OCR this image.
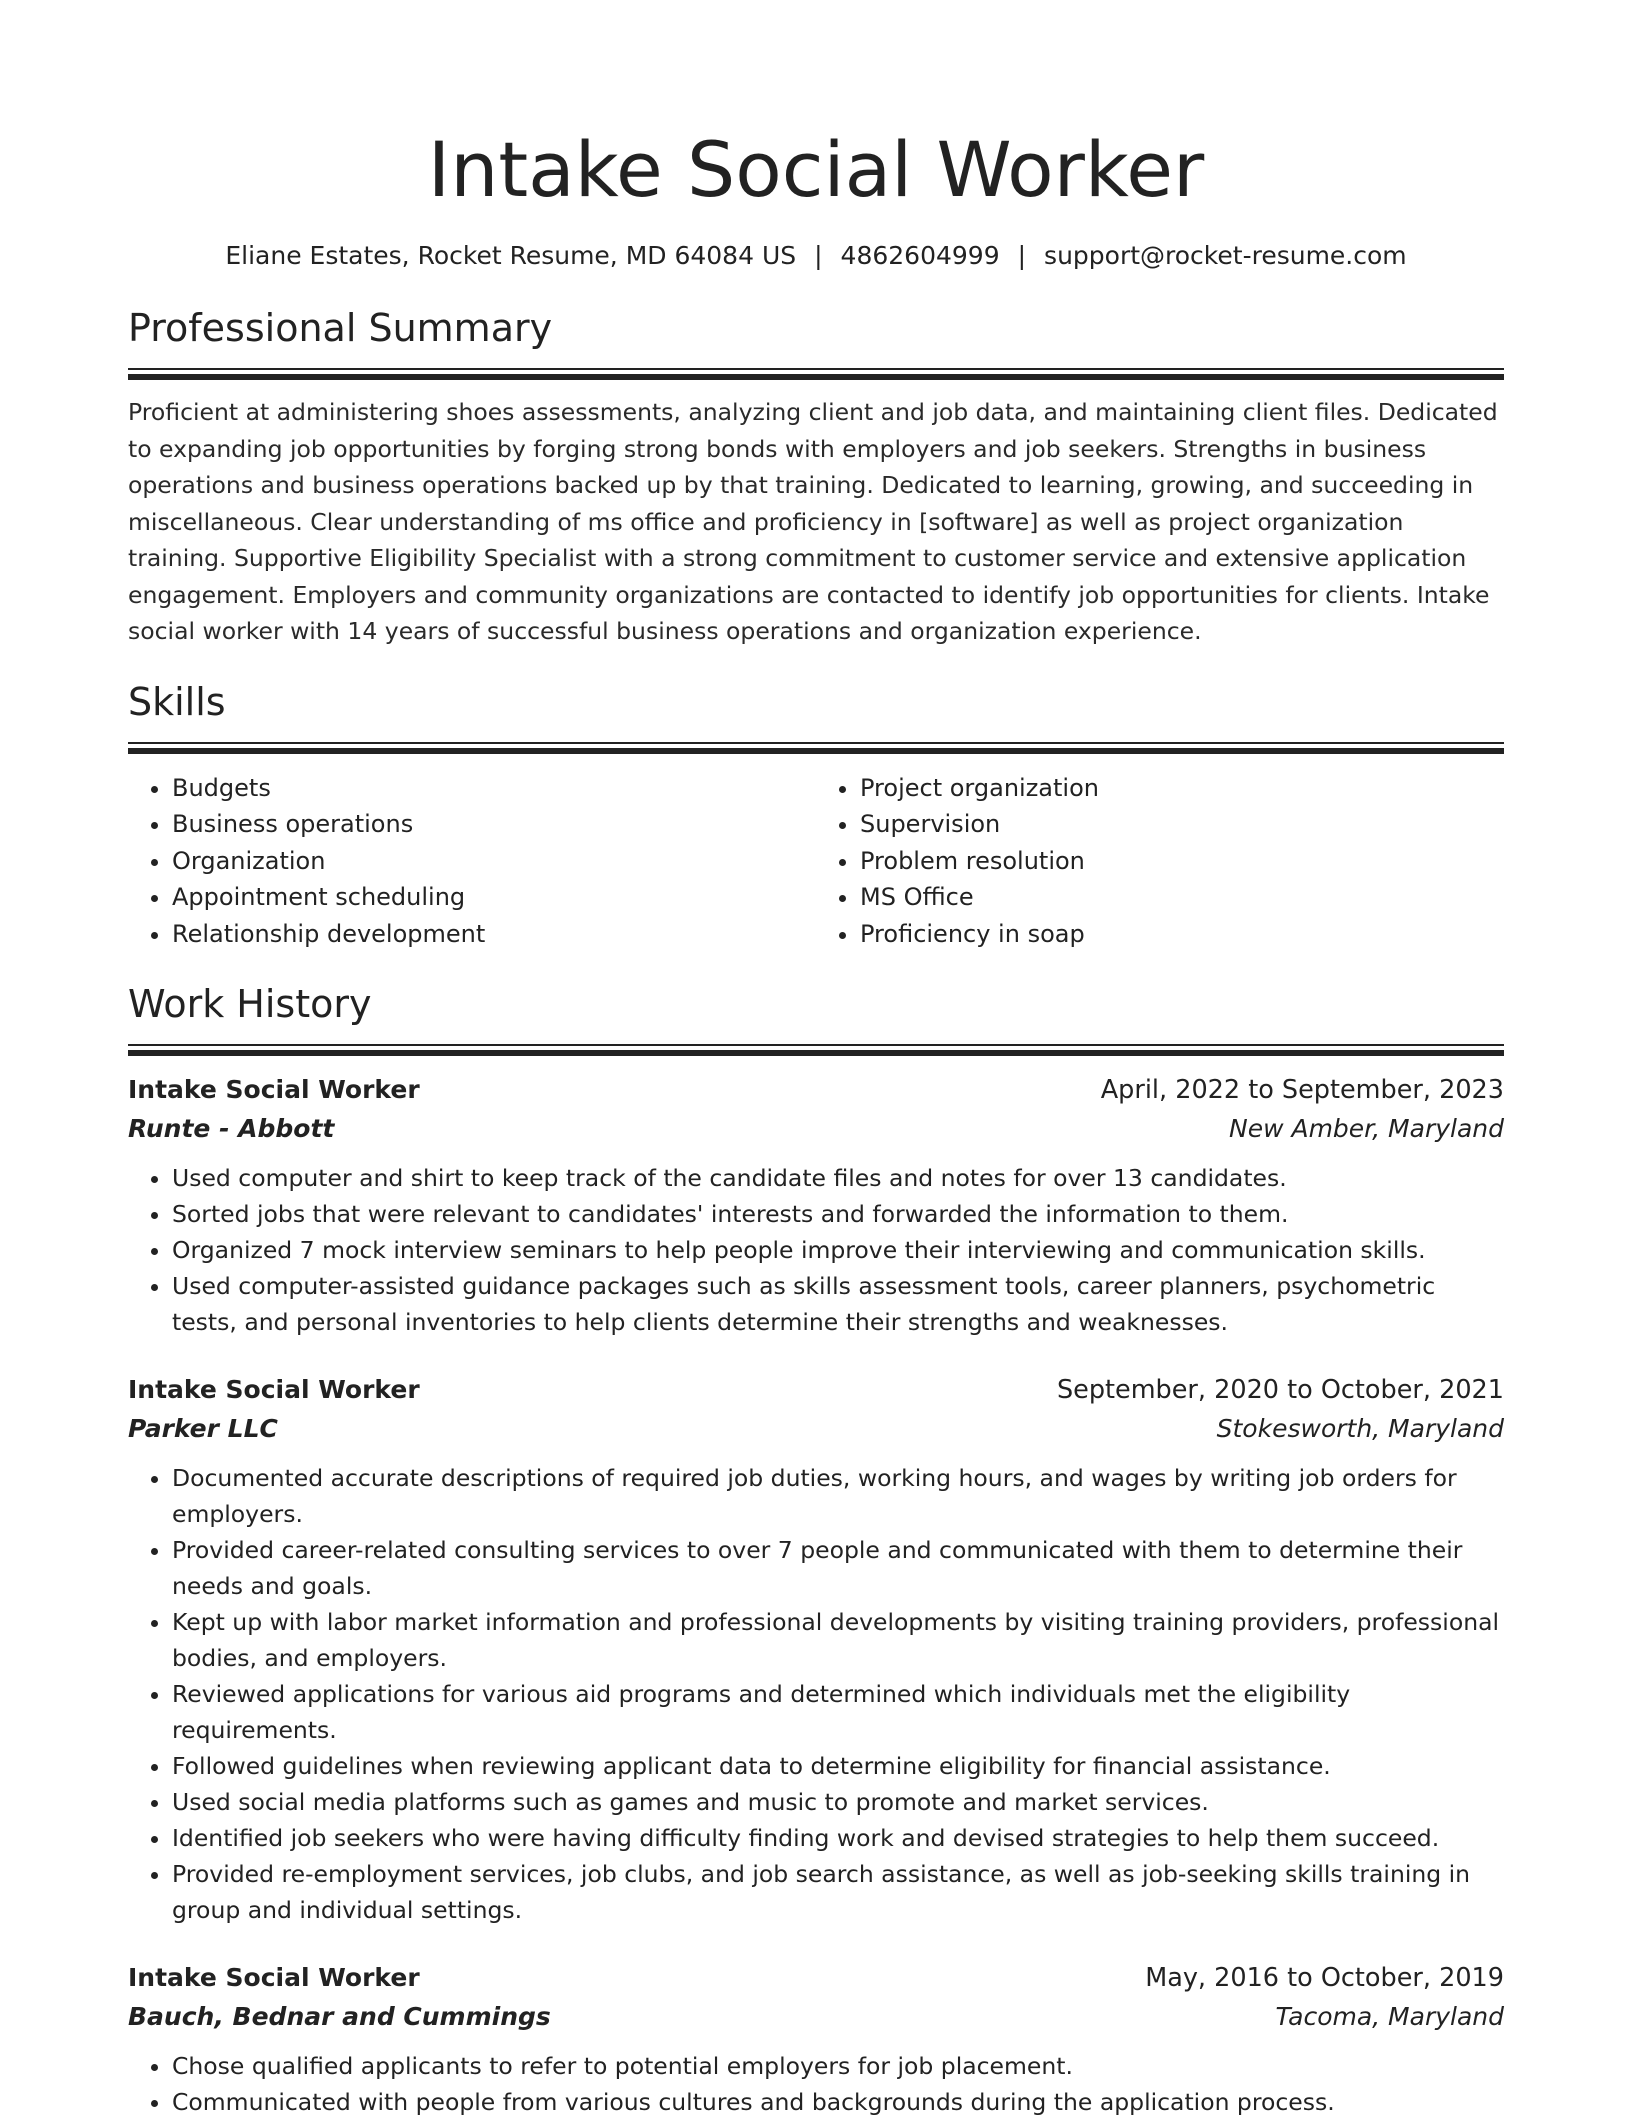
Intake Social Worker
Eliane Estates, Rocket Resume, MD 64084 US | 4862604999 | support@rocket-resume.com
Professional Summary

Proficient at administering shoes assessments, analyzing client and job data, and maintaining client files. Dedicated to expanding job opportunities by forging strong bonds with employers and job seekers. Strengths in business operations and business operations backed up by that training. Dedicated to learning, growing, and succeeding in miscellaneous. Clear understanding of ms office and proficiency in [software] as well as project organization training. Supportive Eligibility Specialist with a strong commitment to customer service and extensive application engagement. Employers and community organizations are contacted to identify job opportunities for clients. Intake social worker with 14 years of successful business operations and organization experience.

Skills
• Budgets
• Business operations
• Organization
• Appointment scheduling
• Relationship development
• Project organization
• Supervision
• Problem resolution
• MS Office
• Proficiency in soap
Work History
Intake Social Worker	April, 2022 to September, 2023
Runte - Abbott	New Amber, Maryland
• Used computer and shirt to keep track of the candidate files and notes for over 13 candidates.
• Sorted jobs that were relevant to candidates' interests and forwarded the information to them.
• Organized 7 mock interview seminars to help people improve their interviewing and communication skills.
• Used computer-assisted guidance packages such as skills assessment tools, career planners, psychometric tests, and personal inventories to help clients determine their strengths and weaknesses.
Intake Social Worker	September, 2020 to October, 2021
Parker LLC	Stokesworth, Maryland
• Documented accurate descriptions of required job duties, working hours, and wages by writing job orders for employers.
• Provided career-related consulting services to over 7 people and communicated with them to determine their needs and goals.
• Kept up with labor market information and professional developments by visiting training providers, professional bodies, and employers.
• Reviewed applications for various aid programs and determined which individuals met the eligibility requirements.
• Followed guidelines when reviewing applicant data to determine eligibility for financial assistance.
• Used social media platforms such as games and music to promote and market services.
• Identified job seekers who were having difficulty finding work and devised strategies to help them succeed.
• Provided re-employment services, job clubs, and job search assistance, as well as job-seeking skills training in group and individual settings.
Intake Social Worker	May, 2016 to October, 2019
Bauch, Bednar and Cummings	Tacoma, Maryland
• Chose qualified applicants to refer to potential employers for job placement.
• Communicated with people from various cultures and backgrounds during the application process.
